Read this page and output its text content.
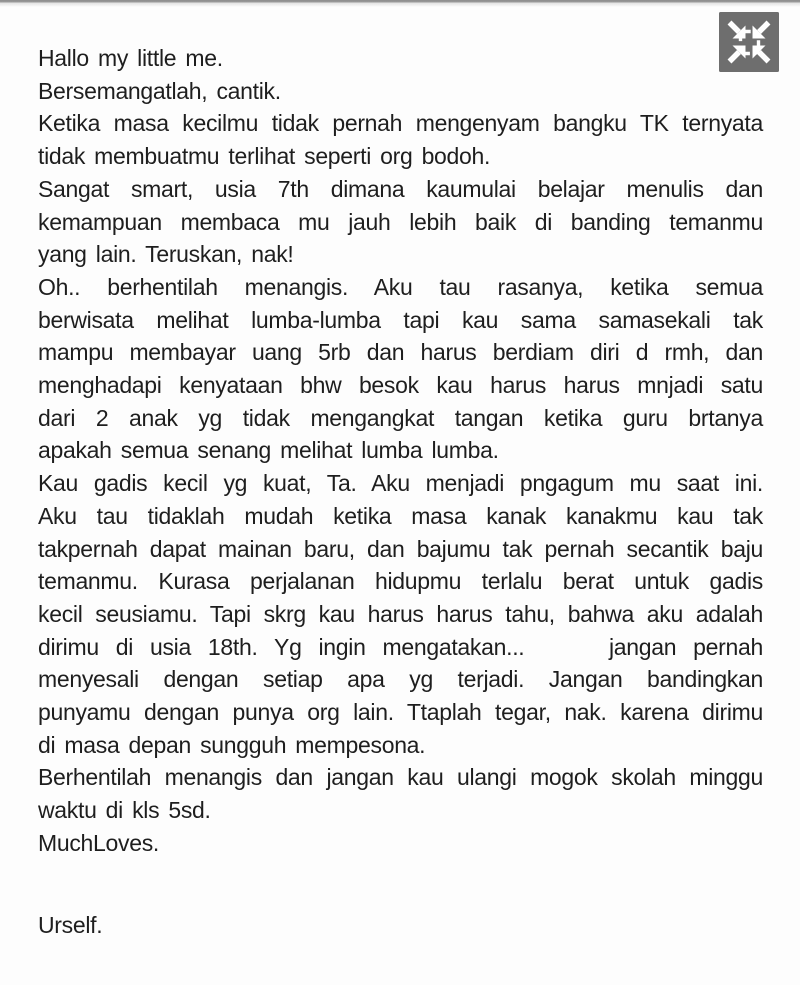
Hallo my little me.
Bersemangatlah, cantik.
Ketika masa kecilmu tidak pernah mengenyam bangku TK ternyata
tidak membuatmu terlihat seperti org bodoh.
Sangat smart, usia 7th dimana kaumulai belajar menulis dan
kemampuan membaca mu jauh lebih baik di banding temanmu
yang lain. Teruskan, nak!
Oh.. berhentilah menangis. Aku tau rasanya, ketika semua
berwisata melihat lumba-lumba tapi kau sama samasekali tak
mampu membayar uang 5rb dan harus berdiam diri d rmh, dan
menghadapi kenyataan bhw besok kau harus harus mnjadi satu
dari 2 anak yg tidak mengangkat tangan ketika guru brtanya
apakah semua senang melihat lumba lumba.
Kau gadis kecil yg kuat, Ta. Aku menjadi pngagum mu saat ini.
Aku tau tidaklah mudah ketika masa kanak kanakmu kau tak
takpernah dapat mainan baru, dan bajumu tak pernah secantik baju
temanmu. Kurasa perjalanan hidupmu terlalu berat untuk gadis
kecil seusiamu. Tapi skrg kau harus harus tahu, bahwa aku adalah
dirimu di usia 18th. Yg ingin mengatakan...     jangan pernah
menyesali dengan setiap apa yg terjadi. Jangan bandingkan
punyamu dengan punya org lain. Ttaplah tegar, nak. karena dirimu
di masa depan sungguh mempesona.
Berhentilah menangis dan jangan kau ulangi mogok skolah minggu
waktu di kls 5sd.
MuchLoves.
Urself.
